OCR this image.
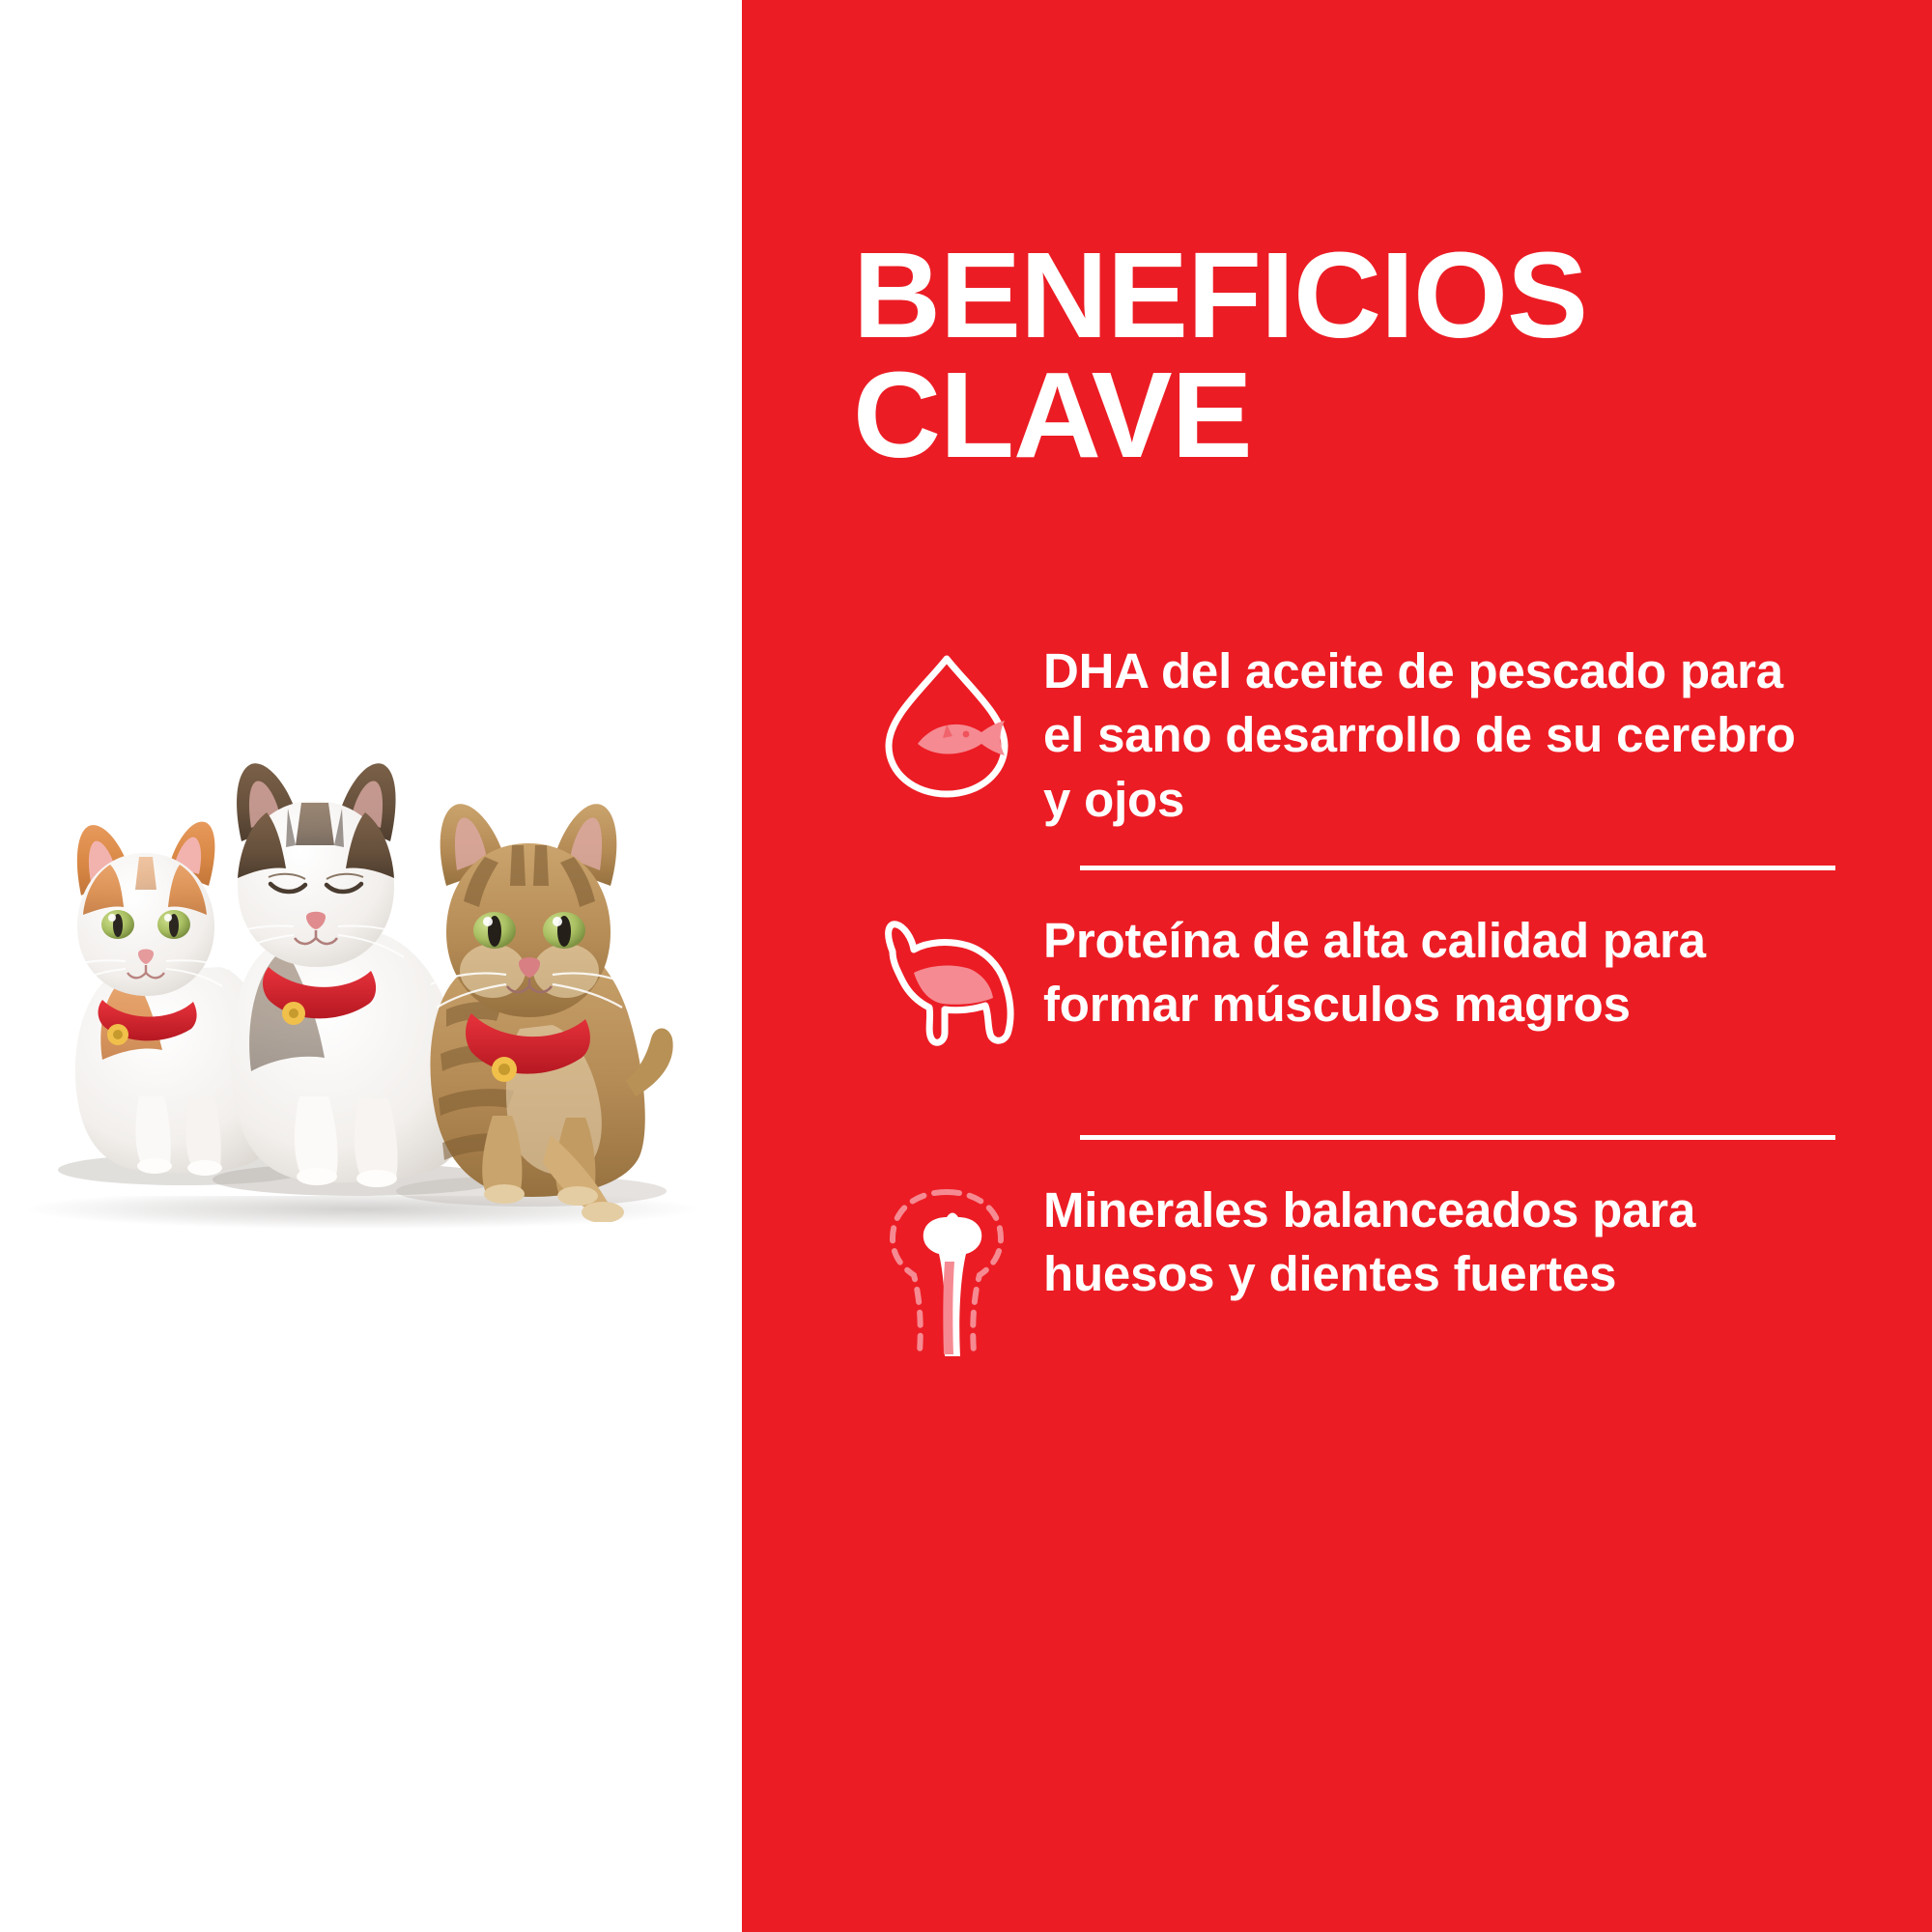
BENEFICIOS
CLAVE
DHA del aceite de pescado para el sano desarrollo de su cerebro y ojos
Proteína de alta calidad para formar músculos magros
Minerales balanceados para huesos y dientes fuertes
